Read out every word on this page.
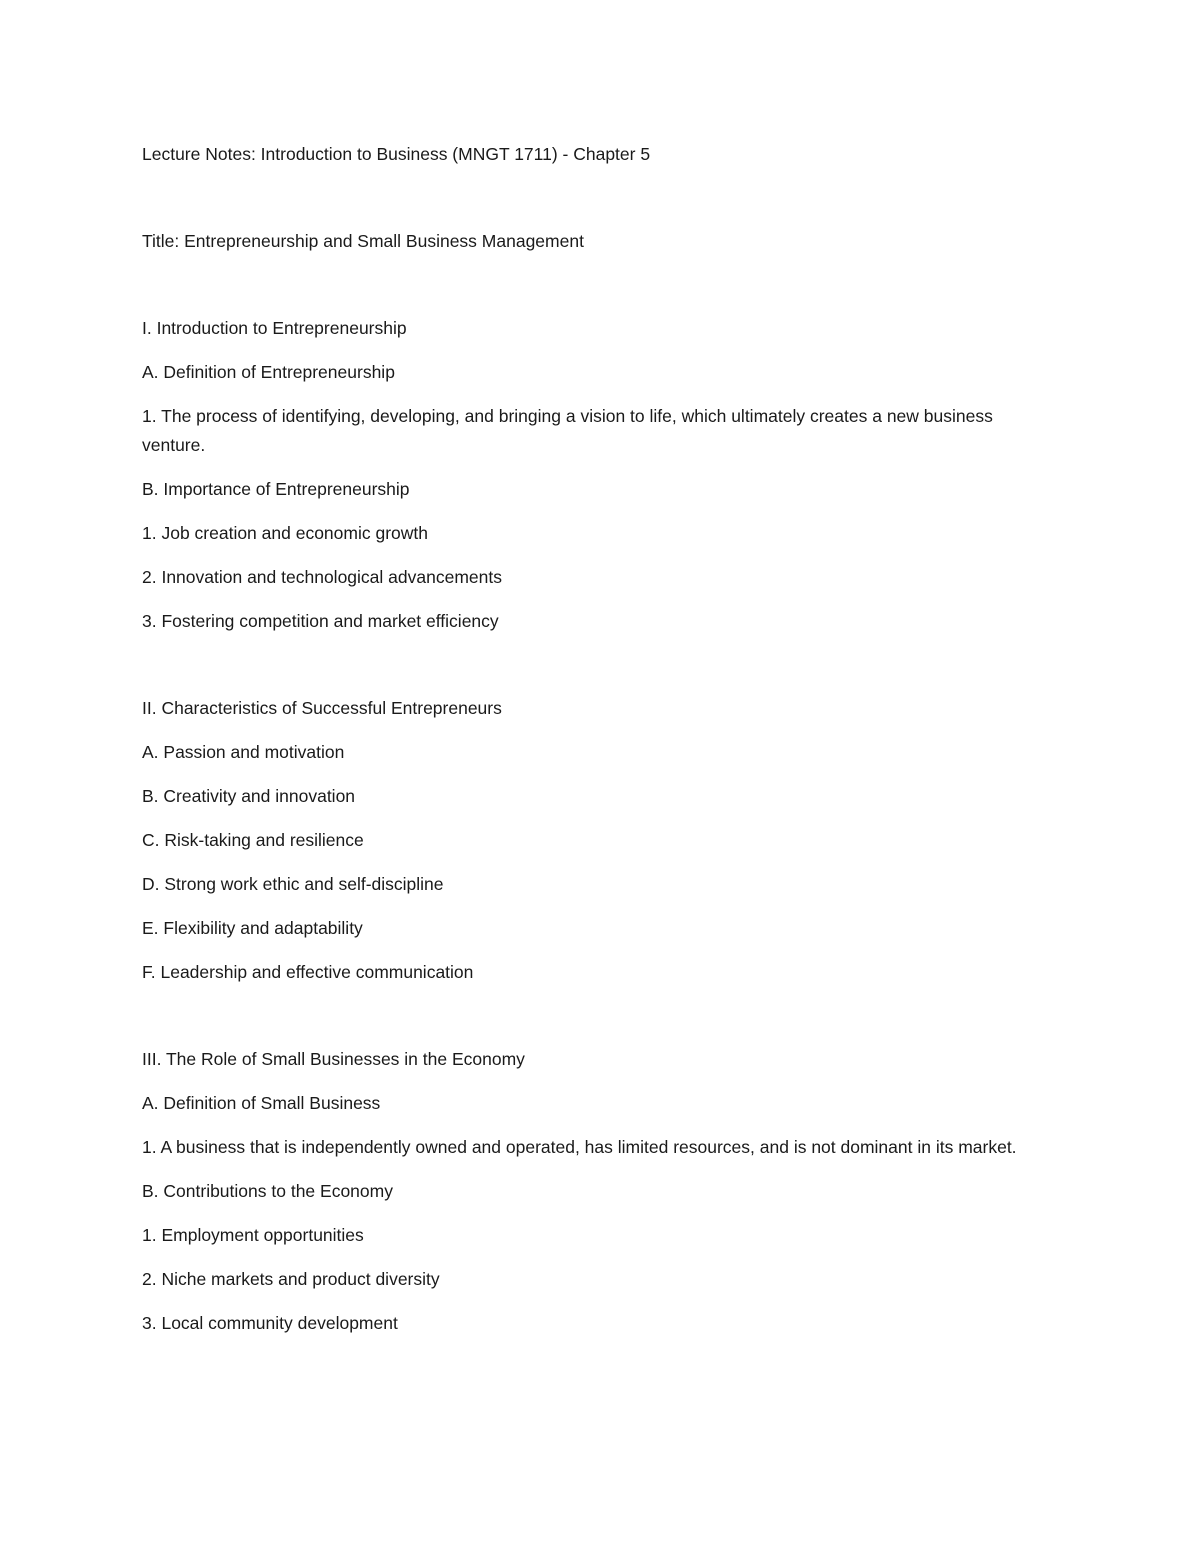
Lecture Notes: Introduction to Business (MNGT 1711) - Chapter 5

Title: Entrepreneurship and Small Business Management

I. Introduction to Entrepreneurship

A. Definition of Entrepreneurship

1. The process of identifying, developing, and bringing a vision to life, which ultimately creates a new business venture.

B. Importance of Entrepreneurship

1. Job creation and economic growth

2. Innovation and technological advancements

3. Fostering competition and market efficiency

II. Characteristics of Successful Entrepreneurs

A. Passion and motivation

B. Creativity and innovation

C. Risk-taking and resilience

D. Strong work ethic and self-discipline

E. Flexibility and adaptability

F. Leadership and effective communication

III. The Role of Small Businesses in the Economy

A. Definition of Small Business

1. A business that is independently owned and operated, has limited resources, and is not dominant in its market.

B. Contributions to the Economy

1. Employment opportunities

2. Niche markets and product diversity

3. Local community development
